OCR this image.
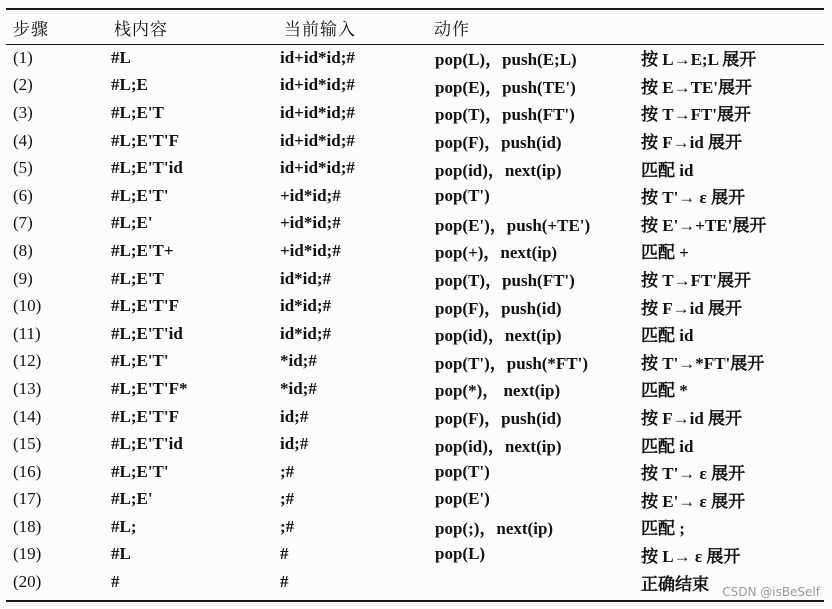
步骤	栈内容	当前输入	动作	
(1)	#L	id+id*id;#	pop(L)，push(E;L)	按 L→E;L 展开
(2)	#L;E	id+id*id;#	pop(E)，push(TE')	按 E→TE'展开
(3)	#L;E'T	id+id*id;#	pop(T)，push(FT')	按 T→FT'展开
(4)	#L;E'T'F	id+id*id;#	pop(F)，push(id)	按 F→id 展开
(5)	#L;E'T'id	id+id*id;#	pop(id)，next(ip)	匹配 id
(6)	#L;E'T'	+id*id;#	pop(T')	按 T'→ ε 展开
(7)	#L;E'	+id*id;#	pop(E')，push(+TE')	按 E'→+TE'展开
(8)	#L;E'T+	+id*id;#	pop(+)，next(ip)	匹配 +
(9)	#L;E'T	id*id;#	pop(T)，push(FT')	按 T→FT'展开
(10)	#L;E'T'F	id*id;#	pop(F)，push(id)	按 F→id 展开
(11)	#L;E'T'id	id*id;#	pop(id)，next(ip)	匹配 id
(12)	#L;E'T'	*id;#	pop(T')，push(*FT')	按 T'→*FT'展开
(13)	#L;E'T'F*	*id;#	pop(*)， next(ip)	匹配 *
(14)	#L;E'T'F	id;#	pop(F)，push(id)	按 F→id 展开
(15)	#L;E'T'id	id;#	pop(id)，next(ip)	匹配 id
(16)	#L;E'T'	;#	pop(T')	按 T'→ ε 展开
(17)	#L;E'	;#	pop(E')	按 E'→ ε 展开
(18)	#L;	;#	pop(;)，next(ip)	匹配 ;
(19)	#L	#	pop(L)	按 L→ ε 展开
(20)	#	#		正确结束 CSDN @isBeSelf
